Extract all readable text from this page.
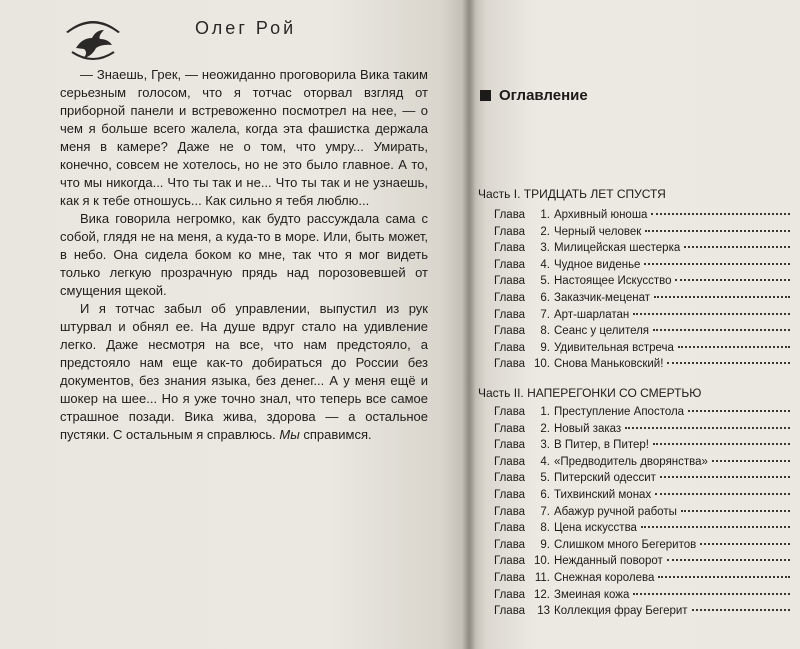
Олег Рой

— Знаешь, Грек, — неожиданно проговорила Вика таким серьезным голосом, что я тотчас оторвал взгляд от приборной панели и встревоженно посмотрел на нее, — о чем я больше всего жалела, когда эта фашистка держала меня в камере? Даже не о том, что умру... Умирать, конечно, совсем не хотелось, но не это было главное. А то, что мы никогда... Что ты так и не... Что ты так и не узнаешь, как я к тебе отношусь... Как сильно я тебя люблю...

Вика говорила негромко, как будто рассуждала сама с собой, глядя не на меня, а куда-то в море. Или, быть может, в небо. Она сидела боком ко мне, так что я мог видеть только легкую прозрачную прядь над порозовевшей от смущения щекой.

И я тотчас забыл об управлении, выпустил из рук штурвал и обнял ее. На душе вдруг стало на удивление легко. Даже несмотря на все, что нам предстояло, а предстояло нам еще как-то добираться до России без документов, без знания языка, без денег... А у меня ещё и шокер на шее... Но я уже точно знал, что теперь все самое страшное позади. Вика жива, здорова — а остальное пустяки. С остальным я справлюсь. Мы справимся.

Оглавление
Часть I. ТРИДЦАТЬ ЛЕТ СПУСТЯ
Глава	1. Архивный юноша
Глава	2. Черный человек
Глава	3. Милицейская шестерка
Глава	4. Чудное виденье
Глава	5. Настоящее Искусство
Глава	6. Заказчик-меценат
Глава	7. Арт-шарлатан
Глава	8. Сеанс у целителя
Глава	9. Удивительная встреча
Глава 10. Снова Маньковский!
Часть II. НАПЕРЕГОНКИ СО СМЕРТЬЮ
Глава	1. Преступление Апостола
Глава	2. Новый заказ
Глава	3. В Питер, в Питер!
Глава	4. «Предводитель дворянства»
Глава	5. Питерский одессит
Глава	6. Тихвинский монах
Глава	7. Абажур ручной работы
Глава	8. Цена искусства
Глава	9. Слишком много Бегеритов
Глава 10. Нежданный поворот
Глава 11. Снежная королева
Глава 12. Змеиная кожа
Глава	13 Коллекция фрау Бегерит
